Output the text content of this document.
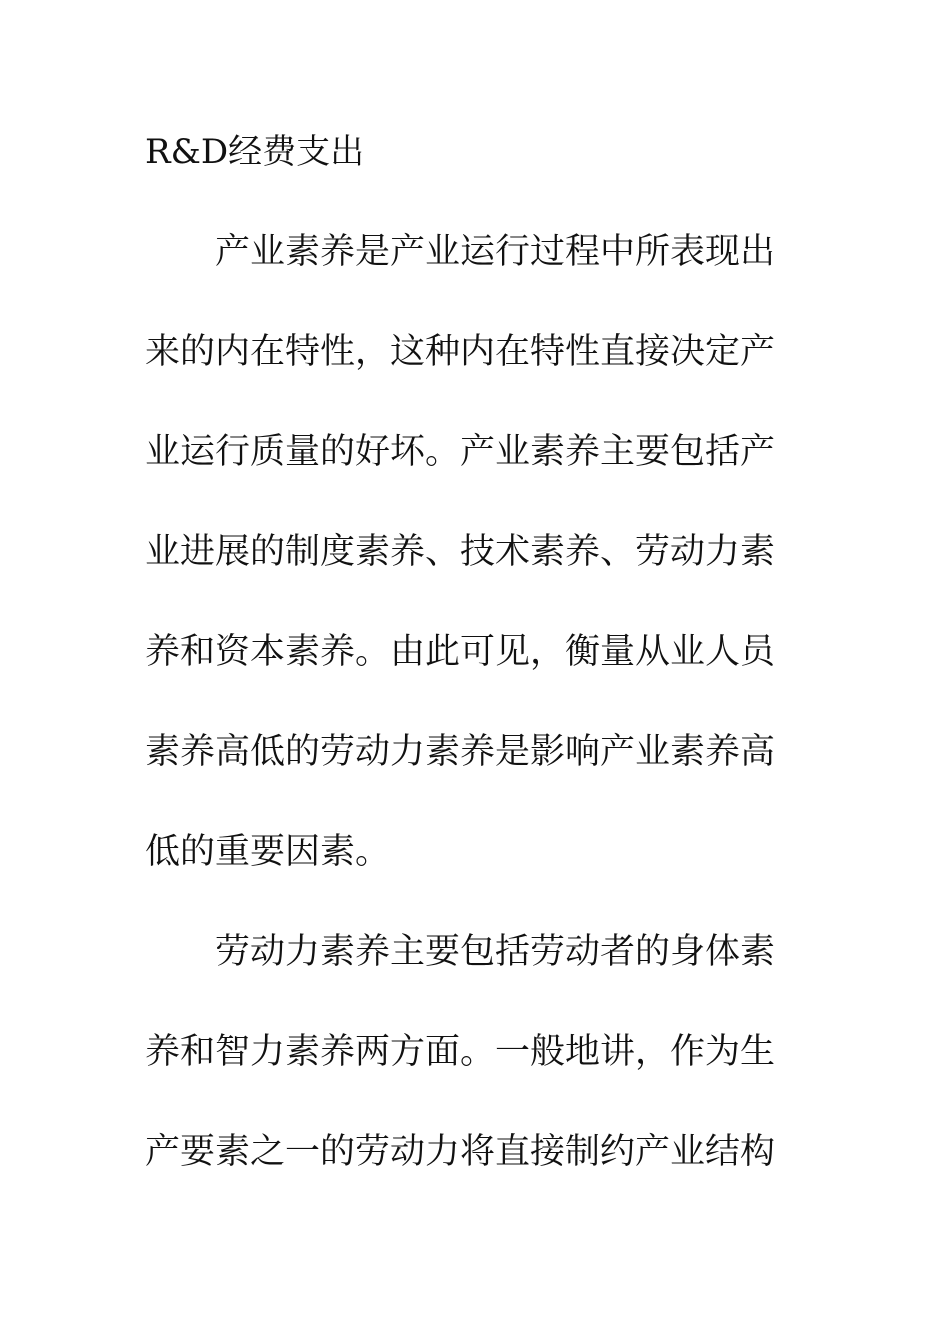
R&D经费支出
产业素养是产业运行过程中所表现出
来的内在特性，这种内在特性直接决定产
业运行质量的好坏。产业素养主要包括产
业进展的制度素养、技术素养、劳动力素
养和资本素养。由此可见，衡量从业人员
素养高低的劳动力素养是影响产业素养高
低的重要因素。
劳动力素养主要包括劳动者的身体素
养和智力素养两方面。一般地讲，作为生
产要素之一的劳动力将直接制约产业结构
